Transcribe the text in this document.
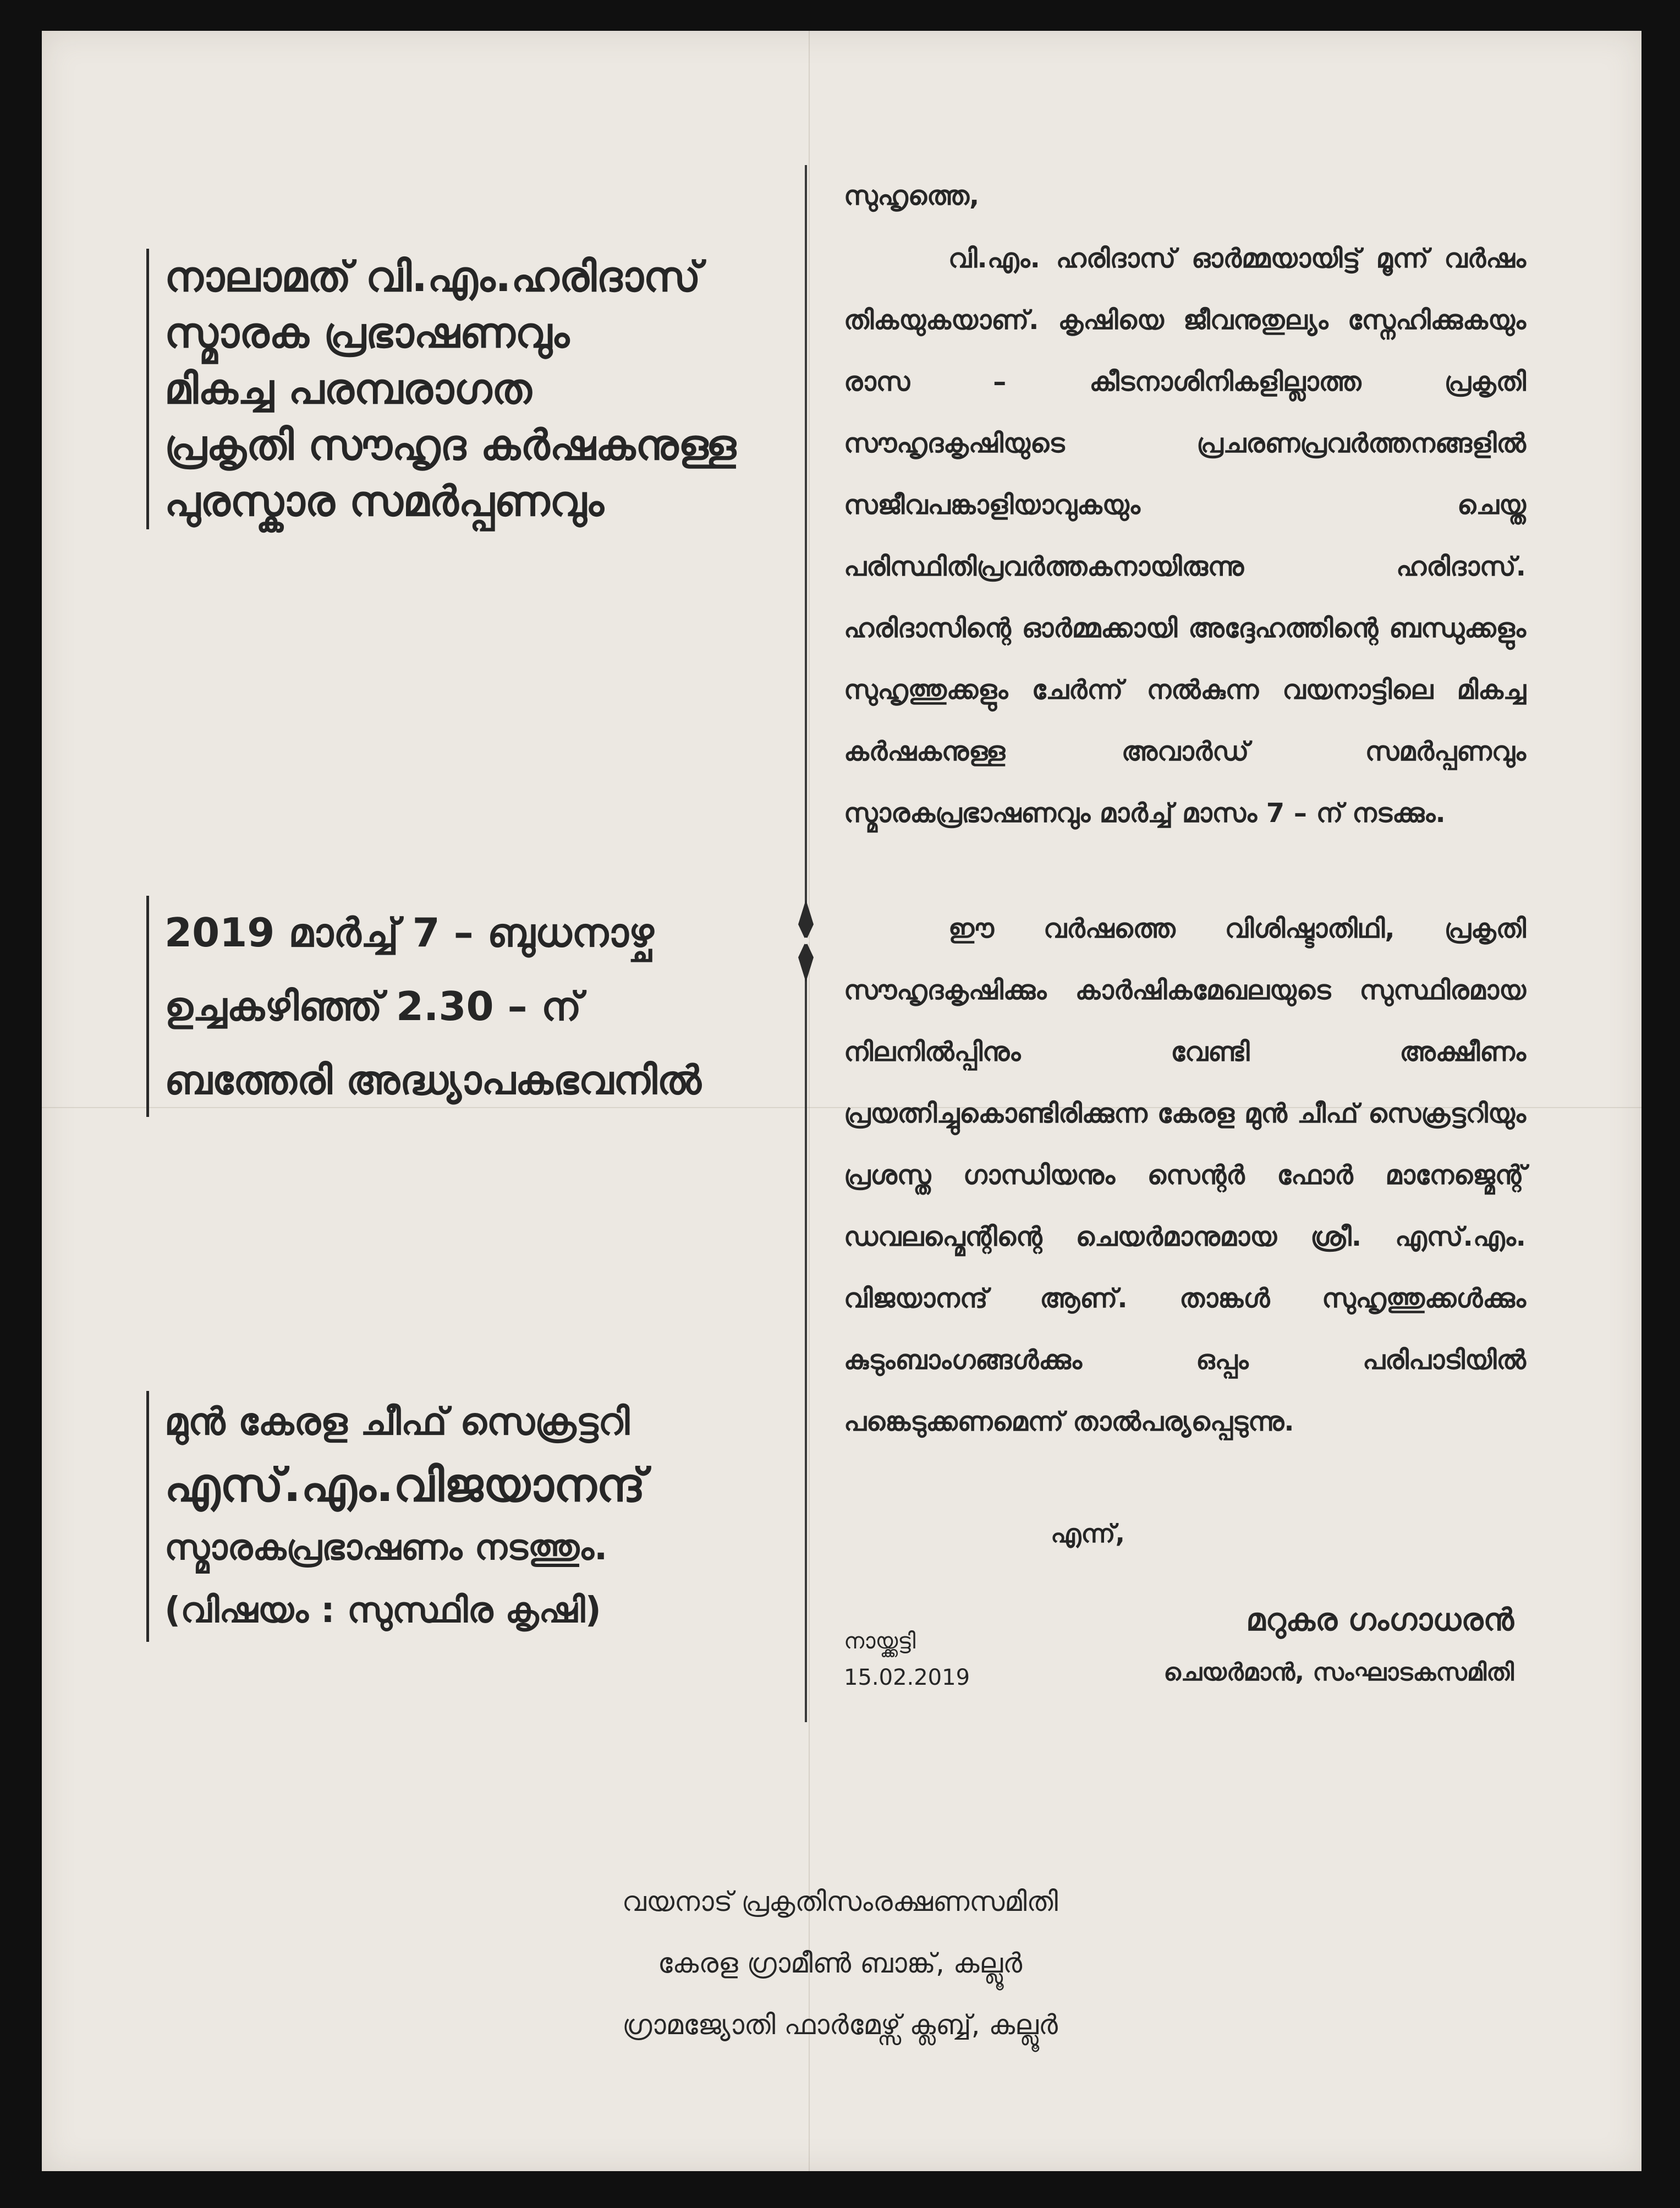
നാലാമത് വി.എം.ഹരിദാസ്
സ്മാരക പ്രഭാഷണവും
മികച്ച പരമ്പരാഗത
പ്രകൃതി സൗഹൃദ കർഷകനുള്ള
പുരസ്കാര സമർപ്പണവും
2019 മാർച്ച് 7 – ബുധനാഴ്ച
ഉച്ചകഴിഞ്ഞ് 2.30 – ന്
ബത്തേരി അദ്ധ്യാപകഭവനിൽ
മുൻ കേരള ചീഫ് സെക്രട്ടറി
എസ്.എം.വിജയാനന്ദ്
സ്മാരകപ്രഭാഷണം നടത്തും.
(വിഷയം : സുസ്ഥിര കൃഷി)
സുഹൃത്തെ,
വി.എം. ഹരിദാസ് ഓർമ്മയായിട്ട് മൂന്ന് വർഷം തികയുകയാണ്. കൃഷിയെ ജീവനുതുല്യം സ്നേഹിക്കുകയും രാസ – കീടനാശിനികളില്ലാത്ത പ്രകൃതി സൗഹൃദകൃഷിയുടെ പ്രചരണപ്രവർത്തനങ്ങളിൽ സജീവപങ്കാളിയാവുകയും ചെയ്ത പരിസ്ഥിതിപ്രവർത്തകനായിരുന്നു ഹരിദാസ്. ഹരിദാസിന്റെ ഓർമ്മക്കായി അദ്ദേഹത്തിന്റെ ബന്ധുക്കളും സുഹൃത്തുക്കളും ചേർന്ന് നൽകുന്ന വയനാട്ടിലെ മികച്ച കർഷകനുള്ള അവാർഡ് സമർപ്പണവും സ്മാരകപ്രഭാഷണവും മാർച്ച് മാസം 7 – ന് നടക്കും.
ഈ വർഷത്തെ വിശിഷ്ടാതിഥി, പ്രകൃതി സൗഹൃദകൃഷിക്കും കാർഷികമേഖലയുടെ സുസ്ഥിരമായ നിലനിൽപ്പിനും വേണ്ടി അക്ഷീണം പ്രയത്നിച്ചുകൊണ്ടിരിക്കുന്ന കേരള മുൻ ചീഫ് സെക്രട്ടറിയും പ്രശസ്ത ഗാന്ധിയനും സെന്റർ ഫോർ മാനേജ്മെന്റ് ഡവലപ്മെന്റിന്റെ ചെയർമാനുമായ ശ്രീ. എസ്.എം. വിജയാനന്ദ് ആണ്. താങ്കൾ സുഹൃത്തുക്കൾക്കും കുടുംബാംഗങ്ങൾക്കും ഒപ്പം പരിപാടിയിൽ പങ്കെടുക്കണമെന്ന് താൽപര്യപ്പെടുന്നു.
എന്ന്,
മറുകര ഗംഗാധരൻ
ചെയർമാൻ, സംഘാടകസമിതി
നായ്ക്കട്ടി
15.02.2019
വയനാട് പ്രകൃതിസംരക്ഷണസമിതി
കേരള ഗ്രാമീൺ ബാങ്ക്, കല്ലൂർ
ഗ്രാമജ്യോതി ഫാർമേഴ്സ് ക്ലബ്ബ്, കല്ലൂർ
